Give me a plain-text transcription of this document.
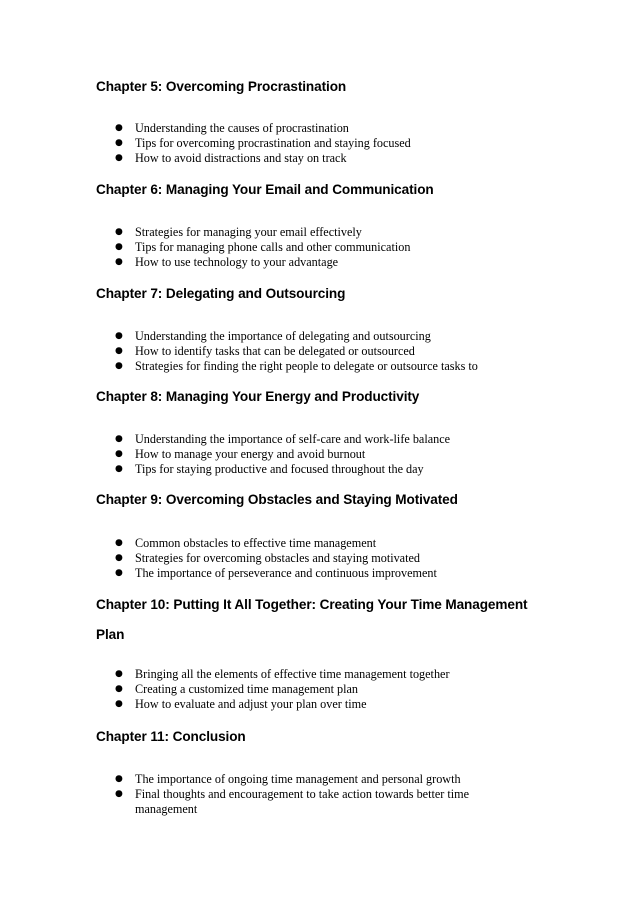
Chapter 5: Overcoming Procrastination
● Understanding the causes of procrastination
● Tips for overcoming procrastination and staying focused
● How to avoid distractions and stay on track
Chapter 6: Managing Your Email and Communication
● Strategies for managing your email effectively
● Tips for managing phone calls and other communication
● How to use technology to your advantage
Chapter 7: Delegating and Outsourcing
● Understanding the importance of delegating and outsourcing
● How to identify tasks that can be delegated or outsourced
● Strategies for finding the right people to delegate or outsource tasks to
Chapter 8: Managing Your Energy and Productivity
● Understanding the importance of self-care and work-life balance
● How to manage your energy and avoid burnout
● Tips for staying productive and focused throughout the day
Chapter 9: Overcoming Obstacles and Staying Motivated
● Common obstacles to effective time management
● Strategies for overcoming obstacles and staying motivated
● The importance of perseverance and continuous improvement
Chapter 10: Putting It All Together: Creating Your Time Management Plan
● Bringing all the elements of effective time management together
● Creating a customized time management plan
● How to evaluate and adjust your plan over time
Chapter 11: Conclusion
● The importance of ongoing time management and personal growth
● Final thoughts and encouragement to take action towards better time management
